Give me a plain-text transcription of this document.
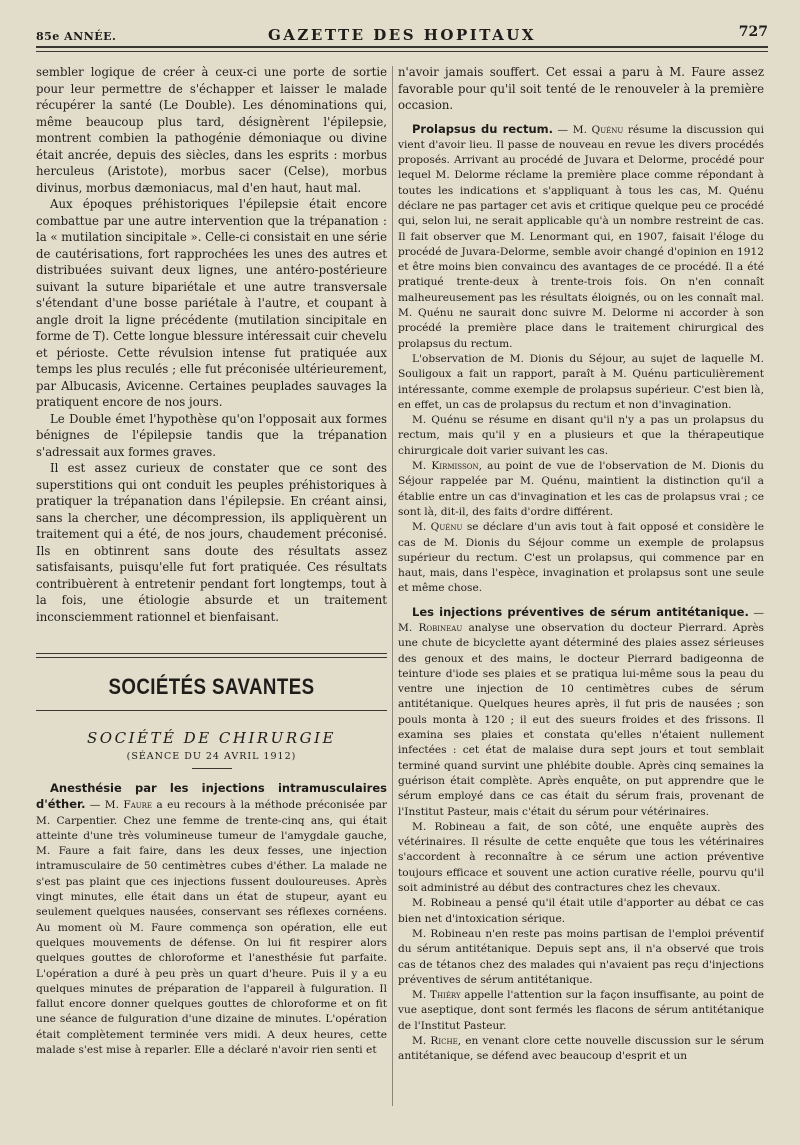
85e ANNÉE.	GAZETTE DES HOPITAUX	727

sembler logique de créer à ceux-ci une porte de sortie pour leur permettre de s'échapper et laisser le malade récupérer la santé (Le Double). Les dénominations qui, même beaucoup plus tard, désignèrent l'épilepsie, montrent combien la pathogénie démoniaque ou divine était ancrée, depuis des siècles, dans les esprits : morbus herculeus (Aristote), morbus sacer (Celse), morbus divinus, morbus dæmoniacus, mal d'en haut, haut mal.

Aux époques préhistoriques l'épilepsie était encore combattue par une autre intervention que la trépanation : la « mutilation sincipitale ». Celle-ci consistait en une série de cautérisations, fort rapprochées les unes des autres et distribuées suivant deux lignes, une antéro-postérieure suivant la suture bipariétale et une autre transversale s'étendant d'une bosse pariétale à l'autre, et coupant à angle droit la ligne précédente (mutilation sincipitale en forme de T). Cette longue blessure intéressait cuir chevelu et périoste. Cette révulsion intense fut pratiquée aux temps les plus reculés ; elle fut préconisée ultérieurement, par Albucasis, Avicenne. Certaines peuplades sauvages la pratiquent encore de nos jours.

Le Double émet l'hypothèse qu'on l'opposait aux formes bénignes de l'épilepsie tandis que la trépanation s'adressait aux formes graves.

Il est assez curieux de constater que ce sont des superstitions qui ont conduit les peuples préhistoriques à pratiquer la trépanation dans l'épilepsie. En créant ainsi, sans la chercher, une décompression, ils appliquèrent un traitement qui a été, de nos jours, chaudement préconisé. Ils en obtinrent sans doute des résultats assez satisfaisants, puisqu'elle fut fort pratiquée. Ces résultats contribuèrent à entretenir pendant fort longtemps, tout à la fois, une étiologie absurde et un traitement inconsciemment rationnel et bienfaisant.

SOCIÉTÉS SAVANTES
SOCIÉTÉ DE CHIRURGIE
(SÉANCE DU 24 AVRIL 1912)

Anesthésie par les injections intramusculaires d'éther. — M. Faure a eu recours à la méthode préconisée par M. Carpentier. Chez une femme de trente-cinq ans, qui était atteinte d'une très volumineuse tumeur de l'amygdale gauche, M. Faure a fait faire, dans les deux fesses, une injection intramusculaire de 50 centimètres cubes d'éther. La malade ne s'est pas plaint que ces injections fussent douloureuses. Après vingt minutes, elle était dans un état de stupeur, ayant eu seulement quelques nausées, conservant ses réflexes cornéens. Au moment où M. Faure commença son opération, elle eut quelques mouvements de défense. On lui fit respirer alors quelques gouttes de chloroforme et l'anesthésie fut parfaite. L'opération a duré à peu près un quart d'heure. Puis il y a eu quelques minutes de préparation de l'appareil à fulguration. Il fallut encore donner quelques gouttes de chloroforme et on fit une séance de fulguration d'une dizaine de minutes. L'opération était complètement terminée vers midi. A deux heures, cette malade s'est mise à reparler. Elle a déclaré n'avoir rien senti et

n'avoir jamais souffert. Cet essai a paru à M. Faure assez favorable pour qu'il soit tenté de le renouveler à la première occasion.

Prolapsus du rectum. — M. Quénu résume la discussion qui vient d'avoir lieu. Il passe de nouveau en revue les divers procédés proposés. Arrivant au procédé de Juvara et Delorme, procédé pour lequel M. Delorme réclame la première place comme répondant à toutes les indications et s'appliquant à tous les cas, M. Quénu déclare ne pas partager cet avis et critique quelque peu ce procédé qui, selon lui, ne serait applicable qu'à un nombre restreint de cas. Il fait observer que M. Lenormant qui, en 1907, faisait l'éloge du procédé de Juvara-Delorme, semble avoir changé d'opinion en 1912 et être moins bien convaincu des avantages de ce procédé. Il a été pratiqué trente-deux à trente-trois fois. On n'en connaît malheureusement pas les résultats éloignés, ou on les connaît mal. M. Quénu ne saurait donc suivre M. Delorme ni accorder à son procédé la première place dans le traitement chirurgical des prolapsus du rectum.

L'observation de M. Dionis du Séjour, au sujet de laquelle M. Souligoux a fait un rapport, paraît à M. Quénu particulièrement intéressante, comme exemple de prolapsus supérieur. C'est bien là, en effet, un cas de prolapsus du rectum et non d'invagination.

M. Quénu se résume en disant qu'il n'y a pas un prolapsus du rectum, mais qu'il y en a plusieurs et que la thérapeutique chirurgicale doit varier suivant les cas.

M. Kirmisson, au point de vue de l'observation de M. Dionis du Séjour rappelée par M. Quénu, maintient la distinction qu'il a établie entre un cas d'invagination et les cas de prolapsus vrai ; ce sont là, dit-il, des faits d'ordre différent.

M. Quénu se déclare d'un avis tout à fait opposé et considère le cas de M. Dionis du Séjour comme un exemple de prolapsus supérieur du rectum. C'est un prolapsus, qui commence par en haut, mais, dans l'espèce, invagination et prolapsus sont une seule et même chose.

Les injections préventives de sérum antitétanique. — M. Robineau analyse une observation du docteur Pierrard. Après une chute de bicyclette ayant déterminé des plaies assez sérieuses des genoux et des mains, le docteur Pierrard badigeonna de teinture d'iode ses plaies et se pratiqua lui-même sous la peau du ventre une injection de 10 centimètres cubes de sérum antitétanique. Quelques heures après, il fut pris de nausées ; son pouls monta à 120 ; il eut des sueurs froides et des frissons. Il examina ses plaies et constata qu'elles n'étaient nullement infectées : cet état de malaise dura sept jours et tout semblait terminé quand survint une phlébite double. Après cinq semaines la guérison était complète. Après enquête, on put apprendre que le sérum employé dans ce cas était du sérum frais, provenant de l'Institut Pasteur, mais c'était du sérum pour vétérinaires.

M. Robineau a fait, de son côté, une enquête auprès des vétérinaires. Il résulte de cette enquête que tous les vétérinaires s'accordent à reconnaître à ce sérum une action préventive toujours efficace et souvent une action curative réelle, pourvu qu'il soit administré au début des contractures chez les chevaux.

M. Robineau a pensé qu'il était utile d'apporter au débat ce cas bien net d'intoxication sérique.

M. Robineau n'en reste pas moins partisan de l'emploi préventif du sérum antitétanique. Depuis sept ans, il n'a observé que trois cas de tétanos chez des malades qui n'avaient pas reçu d'injections préventives de sérum antitétanique.

M. Thiéry appelle l'attention sur la façon insuffisante, au point de vue aseptique, dont sont fermés les flacons de sérum antitétanique de l'Institut Pasteur.

M. Riche, en venant clore cette nouvelle discussion sur le sérum antitétanique, se défend avec beaucoup d'esprit et un
